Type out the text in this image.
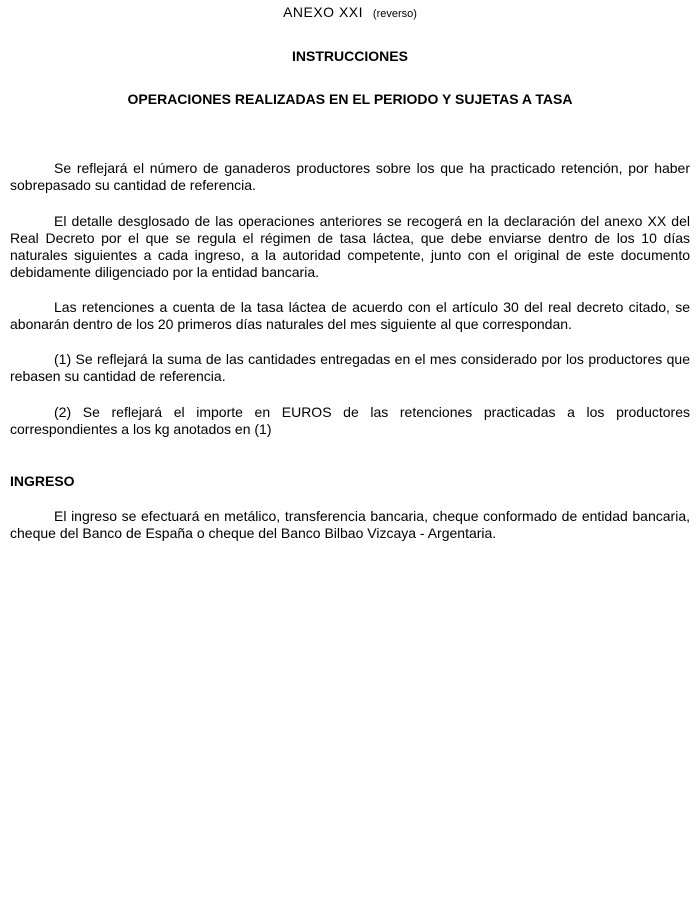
ANEXO XXI (reverso)
INSTRUCCIONES
OPERACIONES REALIZADAS EN EL PERIODO Y SUJETAS A TASA

Se reflejará el número de ganaderos productores sobre los que ha practicado retención, por haber sobrepasado su cantidad de referencia.

El detalle desglosado de las operaciones anteriores se recogerá en la declaración del anexo XX del Real Decreto por el que se regula el régimen de tasa láctea, que debe enviarse dentro de los 10 días naturales siguientes a cada ingreso, a la autoridad competente, junto con el original de este documento debidamente diligenciado por la entidad bancaria.

Las retenciones a cuenta de la tasa láctea de acuerdo con el artículo 30 del real decreto citado, se abonarán dentro de los 20 primeros días naturales del mes siguiente al que correspondan.

(1) Se reflejará la suma de las cantidades entregadas en el mes considerado por los productores que rebasen su cantidad de referencia.

(2) Se reflejará el importe en EUROS de las retenciones practicadas a los productores correspondientes a los kg anotados en (1)

INGRESO

El ingreso se efectuará en metálico, transferencia bancaria, cheque conformado de entidad bancaria, cheque del Banco de España o cheque del Banco Bilbao Vizcaya - Argentaria.
